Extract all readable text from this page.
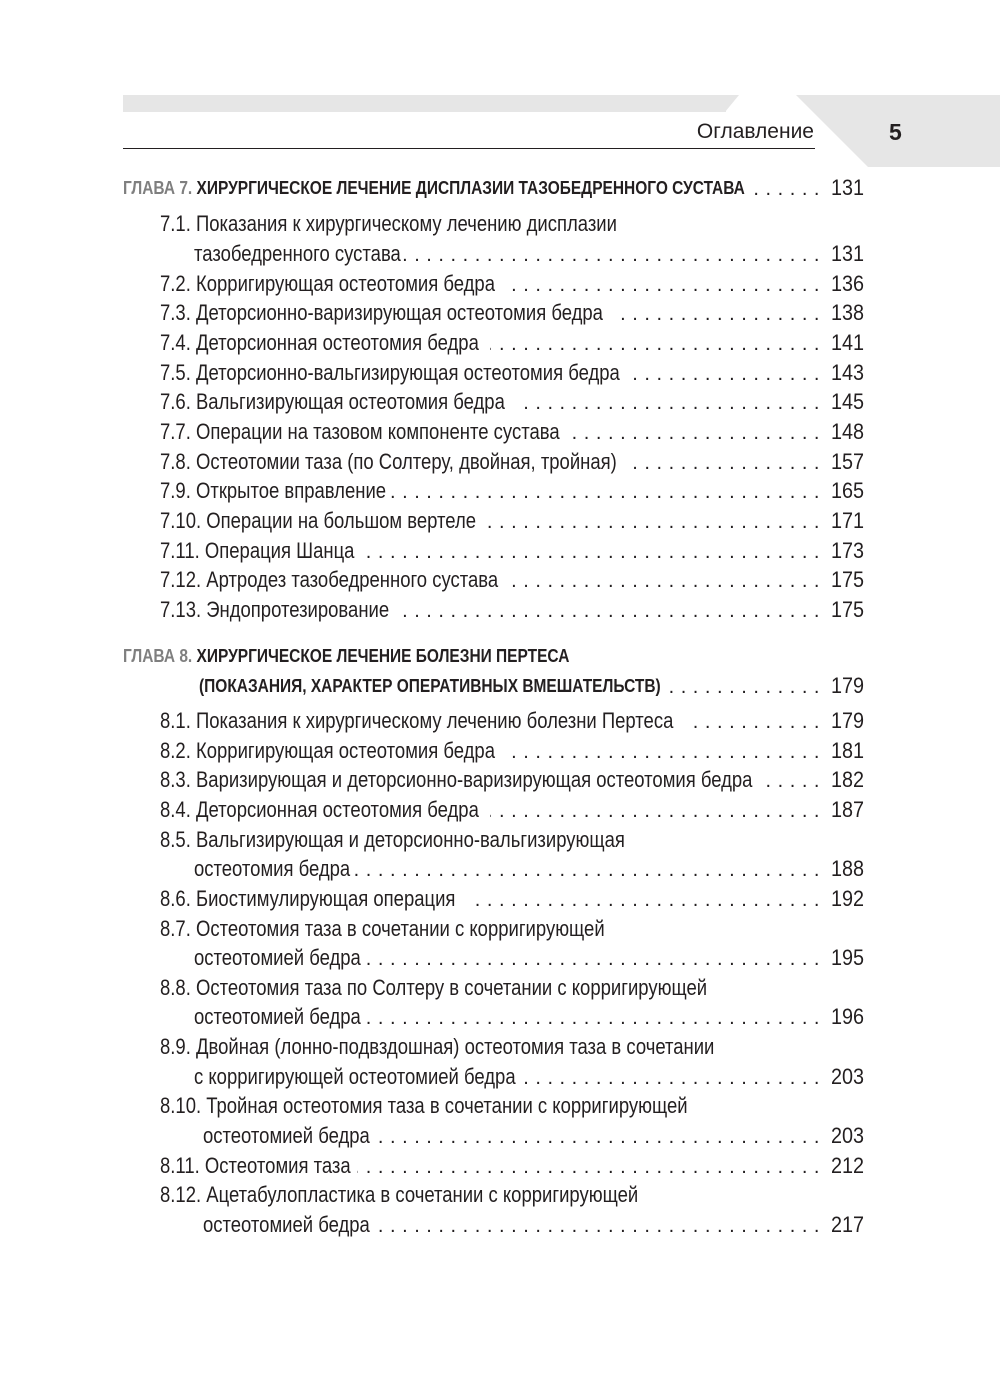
Оглавление	5
ГЛАВА 7. ХИРУРГИЧЕСКОЕ ЛЕЧЕНИЕ ДИСПЛАЗИИ ТАЗОБЕДРЕННОГО СУСТАВА . . .	131
7.1. Показания к хирургическому лечению дисплазии
тазобедренного сустава . . .	131
7.2. Корригирующая остеотомия бедра . . .	136
7.3. Деторсионно-варизирующая остеотомия бедра . . .	138
7.4. Деторсионная остеотомия бедра . . .	141
7.5. Деторсионно-вальгизирующая остеотомия бедра . . .	143
7.6. Вальгизирующая остеотомия бедра . . .	145
7.7. Операции на тазовом компоненте сустава . . .	148
7.8. Остеотомии таза (по Солтеру, двойная, тройная) . . .	157
7.9. Открытое вправление . . .	165
7.10. Операции на большом вертеле . . .	171
7.11. Операция Шанца . . .	173
7.12. Артродез тазобедренного сустава . . .	175
7.13. Эндопротезирование . . .	175
ГЛАВА 8. ХИРУРГИЧЕСКОЕ ЛЕЧЕНИЕ БОЛЕЗНИ ПЕРТЕСА
(ПОКАЗАНИЯ, ХАРАКТЕР ОПЕРАТИВНЫХ ВМЕШАТЕЛЬСТВ) . . .	179
8.1. Показания к хирургическому лечению болезни Пертеса . . .	179
8.2. Корригирующая остеотомия бедра . . .	181
8.3. Варизирующая и деторсионно-варизирующая остеотомия бедра . . .	182
8.4. Деторсионная остеотомия бедра . . .	187
8.5. Вальгизирующая и деторсионно-вальгизирующая
остеотомия бедра . . .	188
8.6. Биостимулирующая операция . . .	192
8.7. Остеотомия таза в сочетании с корригирующей
остеотомией бедра . . .	195
8.8. Остеотомия таза по Солтеру в сочетании с корригирующей
остеотомией бедра . . .	196
8.9. Двойная (лонно-подвздошная) остеотомия таза в сочетании
с корригирующей остеотомией бедра . . .	203
8.10. Тройная остеотомия таза в сочетании с корригирующей
остеотомией бедра . . .	203
8.11. Остеотомия таза . . .	212
8.12. Ацетабулопластика в сочетании с корригирующей
остеотомией бедра . . .	217
